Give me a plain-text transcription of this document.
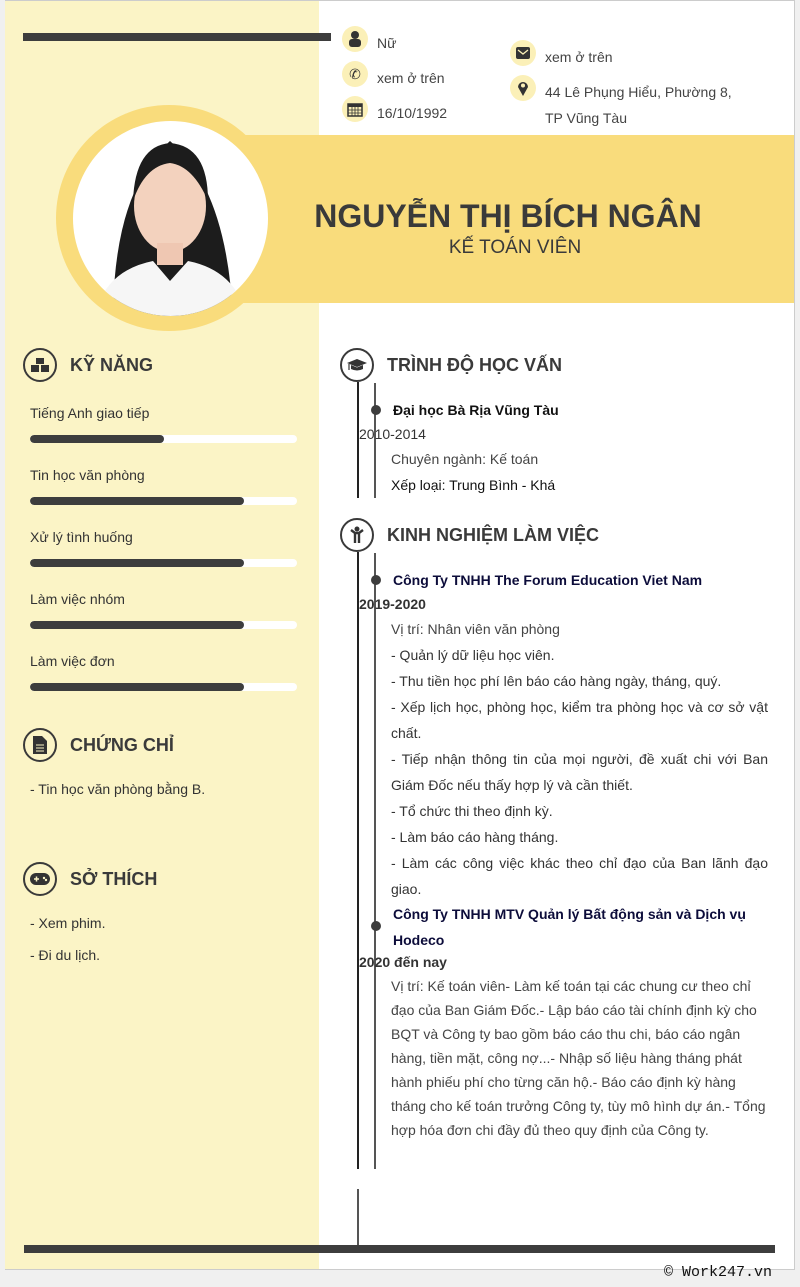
NGUYỄN THỊ BÍCH NGÂN
KẾ TOÁN VIÊN
Nữ
✆ xem ở trên
16/10/1992
xem ở trên
44 Lê Phụng Hiểu, Phường 8,
TP Vũng Tàu
KỸ NĂNG
Tiếng Anh giao tiếp
Tin học văn phòng
Xử lý tình huống
Làm việc nhóm
Làm việc đơn
CHỨNG CHỈ
- Tin học văn phòng bằng B.
SỞ THÍCH
- Xem phim.
- Đi du lịch.
TRÌNH ĐỘ HỌC VẤN
Đại học Bà Rịa Vũng Tàu
2010-2014
Chuyên ngành: Kế toán
Xếp loại: Trung Bình - Khá
KINH NGHIỆM LÀM VIỆC
Công Ty TNHH The Forum Education Viet Nam
2019-2020
Vị trí: Nhân viên văn phòng
- Quản lý dữ liệu học viên.
- Thu tiền học phí lên báo cáo hàng ngày, tháng, quý.
- Xếp lịch học, phòng học, kiểm tra phòng học và cơ sở vật chất.
- Tiếp nhận thông tin của mọi người, đề xuất chi với Ban Giám Đốc nếu thấy hợp lý và cần thiết.
- Tổ chức thi theo định kỳ.
- Làm báo cáo hàng tháng.
- Làm các công việc khác theo chỉ đạo của Ban lãnh đạo giao.
Công Ty TNHH MTV Quản lý Bất động sản và Dịch vụ Hodeco
2020 đến nay
Vị trí: Kế toán viên- Làm kế toán tại các chung cư theo chỉ đạo của Ban Giám Đốc.- Lập báo cáo tài chính định kỳ cho BQT và Công ty bao gồm báo cáo thu chi, báo cáo ngân hàng, tiền mặt, công nợ...- Nhập số liệu hàng tháng phát hành phiếu phí cho từng căn hộ.- Báo cáo định kỳ hàng tháng cho kế toán trưởng Công ty, tùy mô hình dự án.- Tổng hợp hóa đơn chi đầy đủ theo quy định của Công ty.
© Work247.vn
